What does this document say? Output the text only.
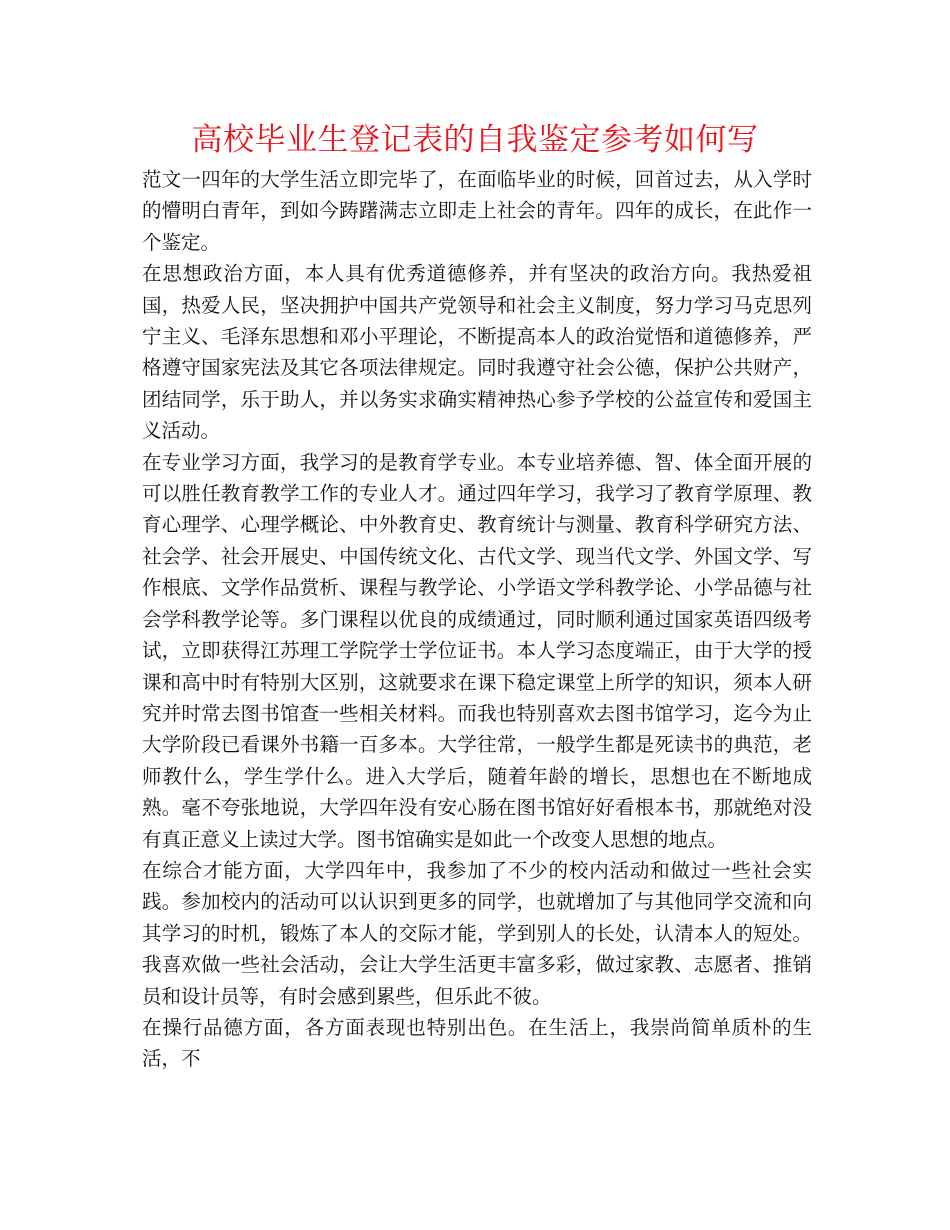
高校毕业生登记表的自我鉴定参考如何写

范文一四年的大学生活立即完毕了，在面临毕业的时候，回首过去，从入学时的懵明白青年，到如今踌躇满志立即走上社会的青年。四年的成长，在此作一个鉴定。

在思想政治方面，本人具有优秀道德修养，并有坚决的政治方向。我热爱祖国，热爱人民，坚决拥护中国共产党领导和社会主义制度，努力学习马克思列宁主义、毛泽东思想和邓小平理论，不断提高本人的政治觉悟和道德修养，严格遵守国家宪法及其它各项法律规定。同时我遵守社会公德，保护公共财产，团结同学，乐于助人，并以务实求确实精神热心参予学校的公益宣传和爱国主义活动。

在专业学习方面，我学习的是教育学专业。本专业培养德、智、体全面开展的可以胜任教育教学工作的专业人才。通过四年学习，我学习了教育学原理、教育心理学、心理学概论、中外教育史、教育统计与测量、教育科学研究方法、社会学、社会开展史、中国传统文化、古代文学、现当代文学、外国文学、写作根底、文学作品赏析、课程与教学论、小学语文学科教学论、小学品德与社会学科教学论等。多门课程以优良的成绩通过，同时顺利通过国家英语四级考试，立即获得江苏理工学院学士学位证书。本人学习态度端正，由于大学的授课和高中时有特别大区别，这就要求在课下稳定课堂上所学的知识，须本人研究并时常去图书馆查一些相关材料。而我也特别喜欢去图书馆学习，迄今为止大学阶段已看课外书籍一百多本。大学往常，一般学生都是死读书的典范，老师教什么，学生学什么。进入大学后，随着年龄的增长，思想也在不断地成熟。毫不夸张地说，大学四年没有安心肠在图书馆好好看根本书，那就绝对没有真正意义上读过大学。图书馆确实是如此一个改变人思想的地点。

在综合才能方面，大学四年中，我参加了不少的校内活动和做过一些社会实践。参加校内的活动可以认识到更多的同学，也就增加了与其他同学交流和向其学习的时机，锻炼了本人的交际才能，学到别人的长处，认清本人的短处。我喜欢做一些社会活动，会让大学生活更丰富多彩，做过家教、志愿者、推销员和设计员等，有时会感到累些，但乐此不彼。

在操行品德方面，各方面表现也特别出色。在生活上，我崇尚简单质朴的生活，不
